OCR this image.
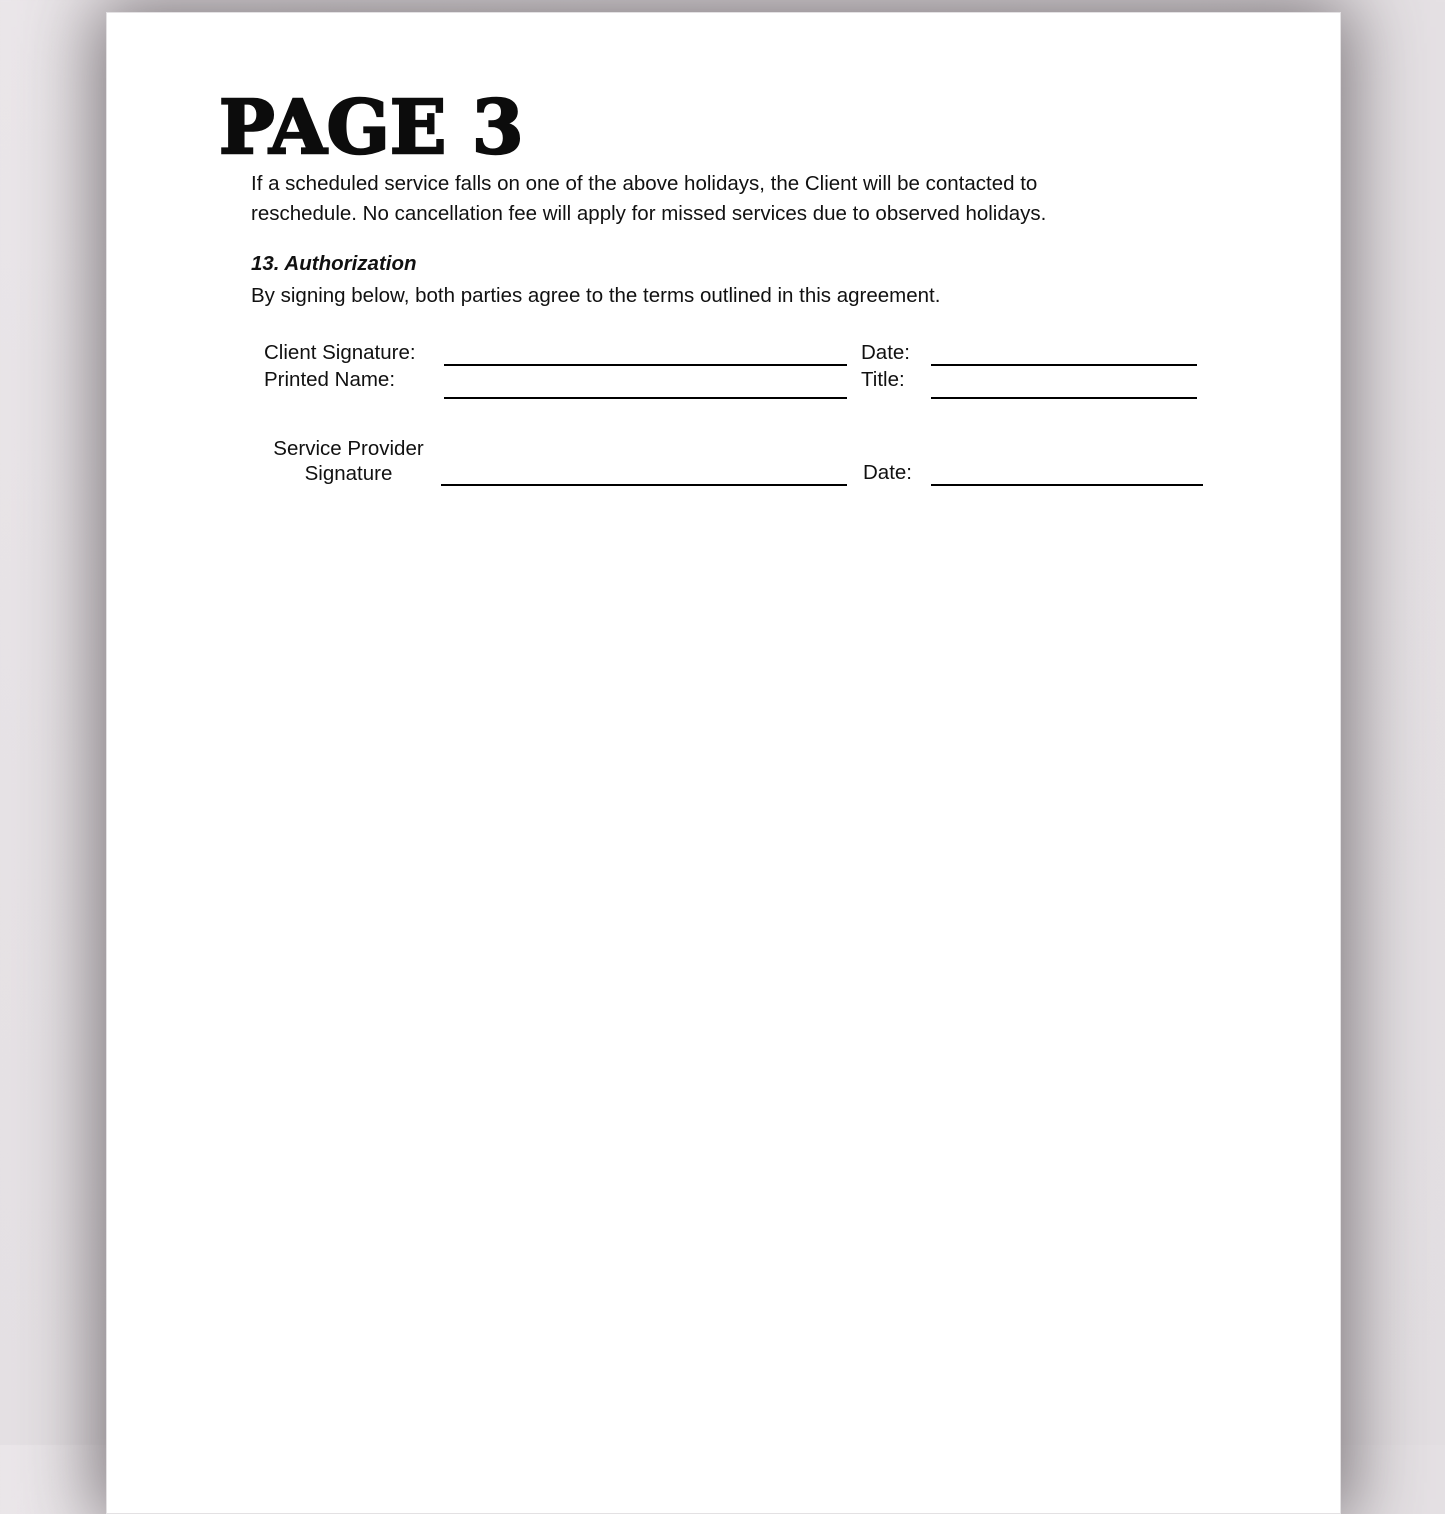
PAGE 3
If a scheduled service falls on one of the above holidays, the Client will be contacted to
reschedule. No cancellation fee will apply for missed services due to observed holidays.
13. Authorization
By signing below, both parties agree to the terms outlined in this agreement.
Client Signature:	Date:
Printed Name:	Title:
Service Provider
Signature	Date:
